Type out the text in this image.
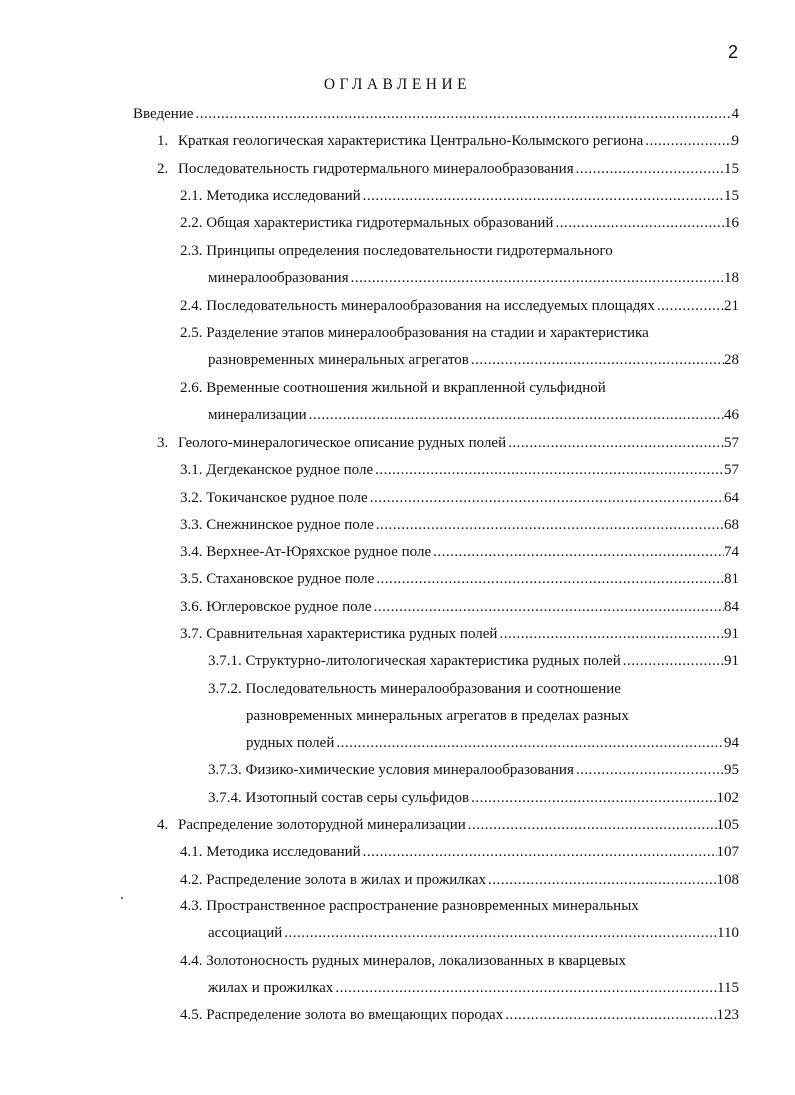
2
ОГЛАВЛЕНИЕ
Введение .....	4
1. Краткая геологическая характеристика Центрально-Колымского региона .....	9
2. Последовательность гидротермального минералообразования .....	15
2.1. Методика исследований .....	15
2.2. Общая характеристика гидротермальных образований .....	16
2.3. Принципы определения последовательности гидротермального
минералообразования .....	18
2.4. Последовательность минералообразования на исследуемых площадях .....	21
2.5. Разделение этапов минералообразования на стадии и характеристика
разновременных минеральных агрегатов .....	28
2.6. Временные соотношения жильной и вкрапленной сульфидной
минерализации .....	46
3. Геолого-минералогическое описание рудных полей .....	57
3.1. Дегдеканское рудное поле .....	57
3.2. Токичанское рудное поле .....	64
3.3. Снежнинское рудное поле .....	68
3.4. Верхнее-Ат-Юряхское рудное поле .....	74
3.5. Стахановское рудное поле .....	81
3.6. Юглеровское рудное поле .....	84
3.7. Сравнительная характеристика рудных полей .....	91
3.7.1. Структурно-литологическая характеристика рудных полей .....	91
3.7.2. Последовательность минералообразования и соотношение
разновременных минеральных агрегатов в пределах разных
рудных полей .....	94
3.7.3. Физико-химические условия минералообразования .....	95
3.7.4. Изотопный состав серы сульфидов .....	102
4. Распределение золоторудной минерализации .....	105
4.1. Методика исследований .....	107
4.2. Распределение золота в жилах и прожилках .....	108
4.3. Пространственное распространение разновременных минеральных
ассоциаций .....	110
4.4. Золотоносность рудных минералов, локализованных в кварцевых
жилах и прожилках .....	115
4.5. Распределение золота во вмещающих породах .....	123
